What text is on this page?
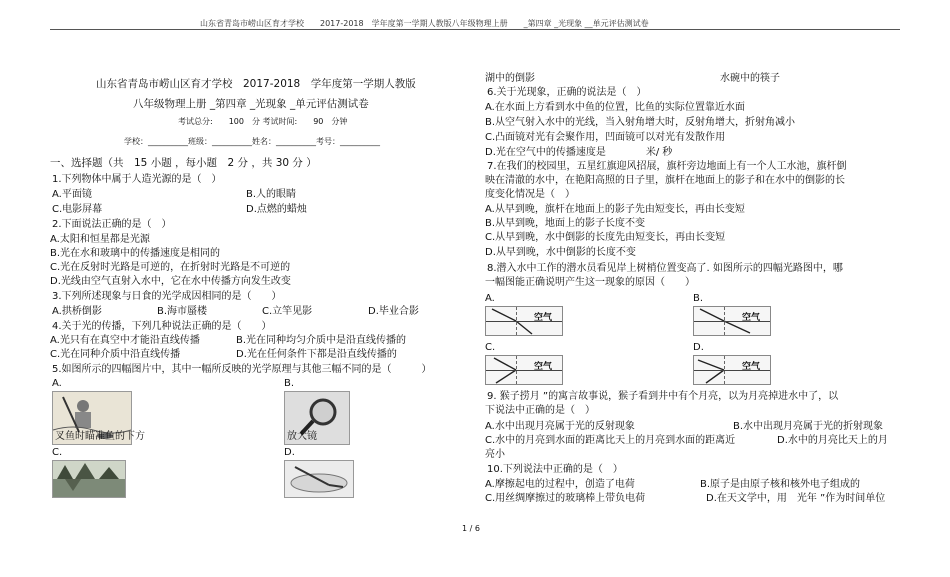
山东省青岛市崂山区育才学校　　2017-2018　学年度第一学期人教版八年级物理上册　　_第四章 _光现象 __单元评估测试卷
山东省青岛市崂山区育才学校　2017-2018　学年度第一学期人教版
八年级物理上册 _第四章 _光现象 _单元评估测试卷
考试总分:　　100　分 考试时间:　　90　分钟
学校：__________班级：__________姓名：__________考号：__________
一、选择题（共　15 小题 ，每小题　2 分 ，共 30 分 ）
1.下列物体中属于人造光源的是（　）
A.平面镜	B.人的眼睛
C.电影屏幕	D.点燃的蜡烛
2.下面说法正确的是（　）
A.太阳和恒星都是光源
B.光在水和玻璃中的传播速度是相同的
C.光在反射时光路是可逆的，在折射时光路是不可逆的
D.光线由空气直射入水中，它在水中传播方向发生改变
3.下列所述现象与日食的光学成因相同的是（　　）
A.拱桥倒影	B.海市蜃楼	C.立竿见影	D.毕业合影
4.关于光的传播，下列几种说法正确的是（　　）
A.光只有在真空中才能沿直线传播	B.光在同种均匀介质中是沿直线传播的
C.光在同种介质中沿直线传播	D.光在任何条件下都是沿直线传播的
5.如图所示的四幅图片中，其中一幅所反映的光学原理与其他三幅不同的是（　　　）
A.	B.
叉鱼时瞄准鱼的下方	放大镜
C.	D.
湖中的倒影	水碗中的筷子
6.关于光现象，正确的说法是（　）
A.在水面上方看到水中鱼的位置，比鱼的实际位置靠近水面
B.从空气射入水中的光线，当入射角增大时，反射角增大，折射角减小
C.凸面镜对光有会聚作用，凹面镜可以对光有发散作用
D.光在空气中的传播速度是　　　　米/ 秒
7.在我们的校园里，五星红旗迎风招展，旗杆旁边地面上有一个人工水池，旗杆倒
映在清澈的水中，在艳阳高照的日子里，旗杆在地面上的影子和在水中的倒影的长
度变化情况是（　）
A.从早到晚，旗杆在地面上的影子先由短变长，再由长变短
B.从早到晚，地面上的影子长度不变
C.从早到晚，水中倒影的长度先由短变长，再由长变短
D.从早到晚，水中倒影的长度不变
8.潜入水中工作的潜水员看见岸上树梢位置变高了. 如图所示的四幅光路图中，哪
一幅图能正确说明产生这一现象的原因（　　）
A.	B.
空气	空气
C.	D.
空气	空气
9. 猴子捞月 ”的寓言故事说，猴子看到井中有个月亮，以为月亮掉进水中了，以
下说法中正确的是（　）
A.水中出现月亮属于光的反射现象	B.水中出现月亮属于光的折射现象
C.水中的月亮到水面的距离比天上的月亮到水面的距离近	D.水中的月亮比天上的月
亮小
10.下列说法中正确的是（　）
A.摩擦起电的过程中，创造了电荷	B.原子是由原子核和核外电子组成的
C.用丝绸摩擦过的玻璃棒上带负电荷	D.在天文学中，用　光年 ”作为时间单位
1 / 6
